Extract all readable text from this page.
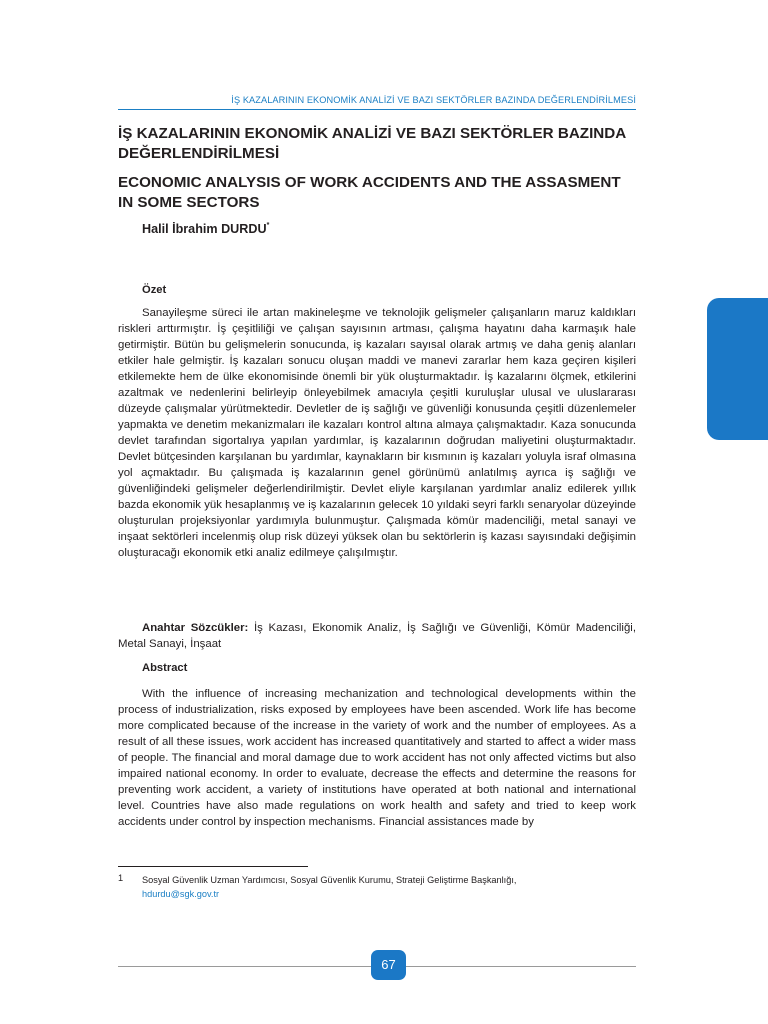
İŞ KAZALARININ EKONOMİK ANALİZİ VE BAZI SEKTÖRLER BAZINDA DEĞERLENDİRİLMESİ
İŞ KAZALARININ EKONOMİK ANALİZİ VE BAZI SEKTÖRLER BAZINDA DEĞERLENDİRİLMESİ
ECONOMIC ANALYSIS OF WORK ACCIDENTS AND THE ASSASMENT IN SOME SECTORS
Halil İbrahim DURDU*
Özet

Sanayileşme süreci ile artan makineleşme ve teknolojik gelişmeler çalışanların maruz kaldıkları riskleri arttırmıştır. İş çeşitliliği ve çalışan sayısının artması, çalışma hayatını daha karmaşık hale getirmiştir. Bütün bu gelişmelerin sonucunda, iş kazaları sayısal olarak artmış ve daha geniş alanları etkiler hale gelmiştir. İş kazaları sonucu oluşan maddi ve manevi zararlar hem kaza geçiren kişileri etkilemekte hem de ülke ekonomisinde önemli bir yük oluşturmaktadır. İş kazalarını ölçmek, etkilerini azaltmak ve nedenlerini belirleyip önleyebilmek amacıyla çeşitli kuruluşlar ulusal ve uluslararası düzeyde çalışmalar yürütmektedir. Devletler de iş sağlığı ve güvenliği konusunda çeşitli düzenlemeler yapmakta ve denetim mekanizmaları ile kazaları kontrol altına almaya çalışmaktadır. Kaza sonucunda devlet tarafından sigortalıya yapılan yardımlar, iş kazalarının doğrudan maliyetini oluşturmaktadır. Devlet bütçesinden karşılanan bu yardımlar, kaynakların bir kısmının iş kazaları yoluyla israf olmasına yol açmaktadır. Bu çalışmada iş kazalarının genel görünümü anlatılmış ayrıca iş sağlığı ve güvenliğindeki gelişmeler değerlendirilmiştir. Devlet eliyle karşılanan yardımlar analiz edilerek yıllık bazda ekonomik yük hesaplanmış ve iş kazalarının gelecek 10 yıldaki seyri farklı senaryolar düzeyinde oluşturulan projeksiyonlar yardımıyla bulunmuştur. Çalışmada kömür madenciliği, metal sanayi ve inşaat sektörleri incelenmiş olup risk düzeyi yüksek olan bu sektörlerin iş kazası sayısındaki değişimin oluşturacağı ekonomik etki analiz edilmeye çalışılmıştır.

Anahtar Sözcükler: İş Kazası, Ekonomik Analiz, İş Sağlığı ve Güvenliği, Kömür Madenciliği, Metal Sanayi, İnşaat

Abstract

With the influence of increasing mechanization and technological developments within the process of industrialization, risks exposed by employees have been ascended. Work life has become more complicated because of the increase in the variety of work and the number of employees. As a result of all these issues, work accident has increased quantitatively and started to affect a wider mass of people. The financial and moral damage due to work accident has not only affected victims but also impaired national economy. In order to evaluate, decrease the effects and determine the reasons for preventing work accident, a variety of institutions have operated at both national and international level. Countries have also made regulations on work health and safety and tried to keep work accidents under control by inspection mechanisms. Financial assistances made by

1 Sosyal Güvenlik Uzman Yardımcısı, Sosyal Güvenlik Kurumu, Strateji Geliştirme Başkanlığı,
hdurdu@sgk.gov.tr
67
